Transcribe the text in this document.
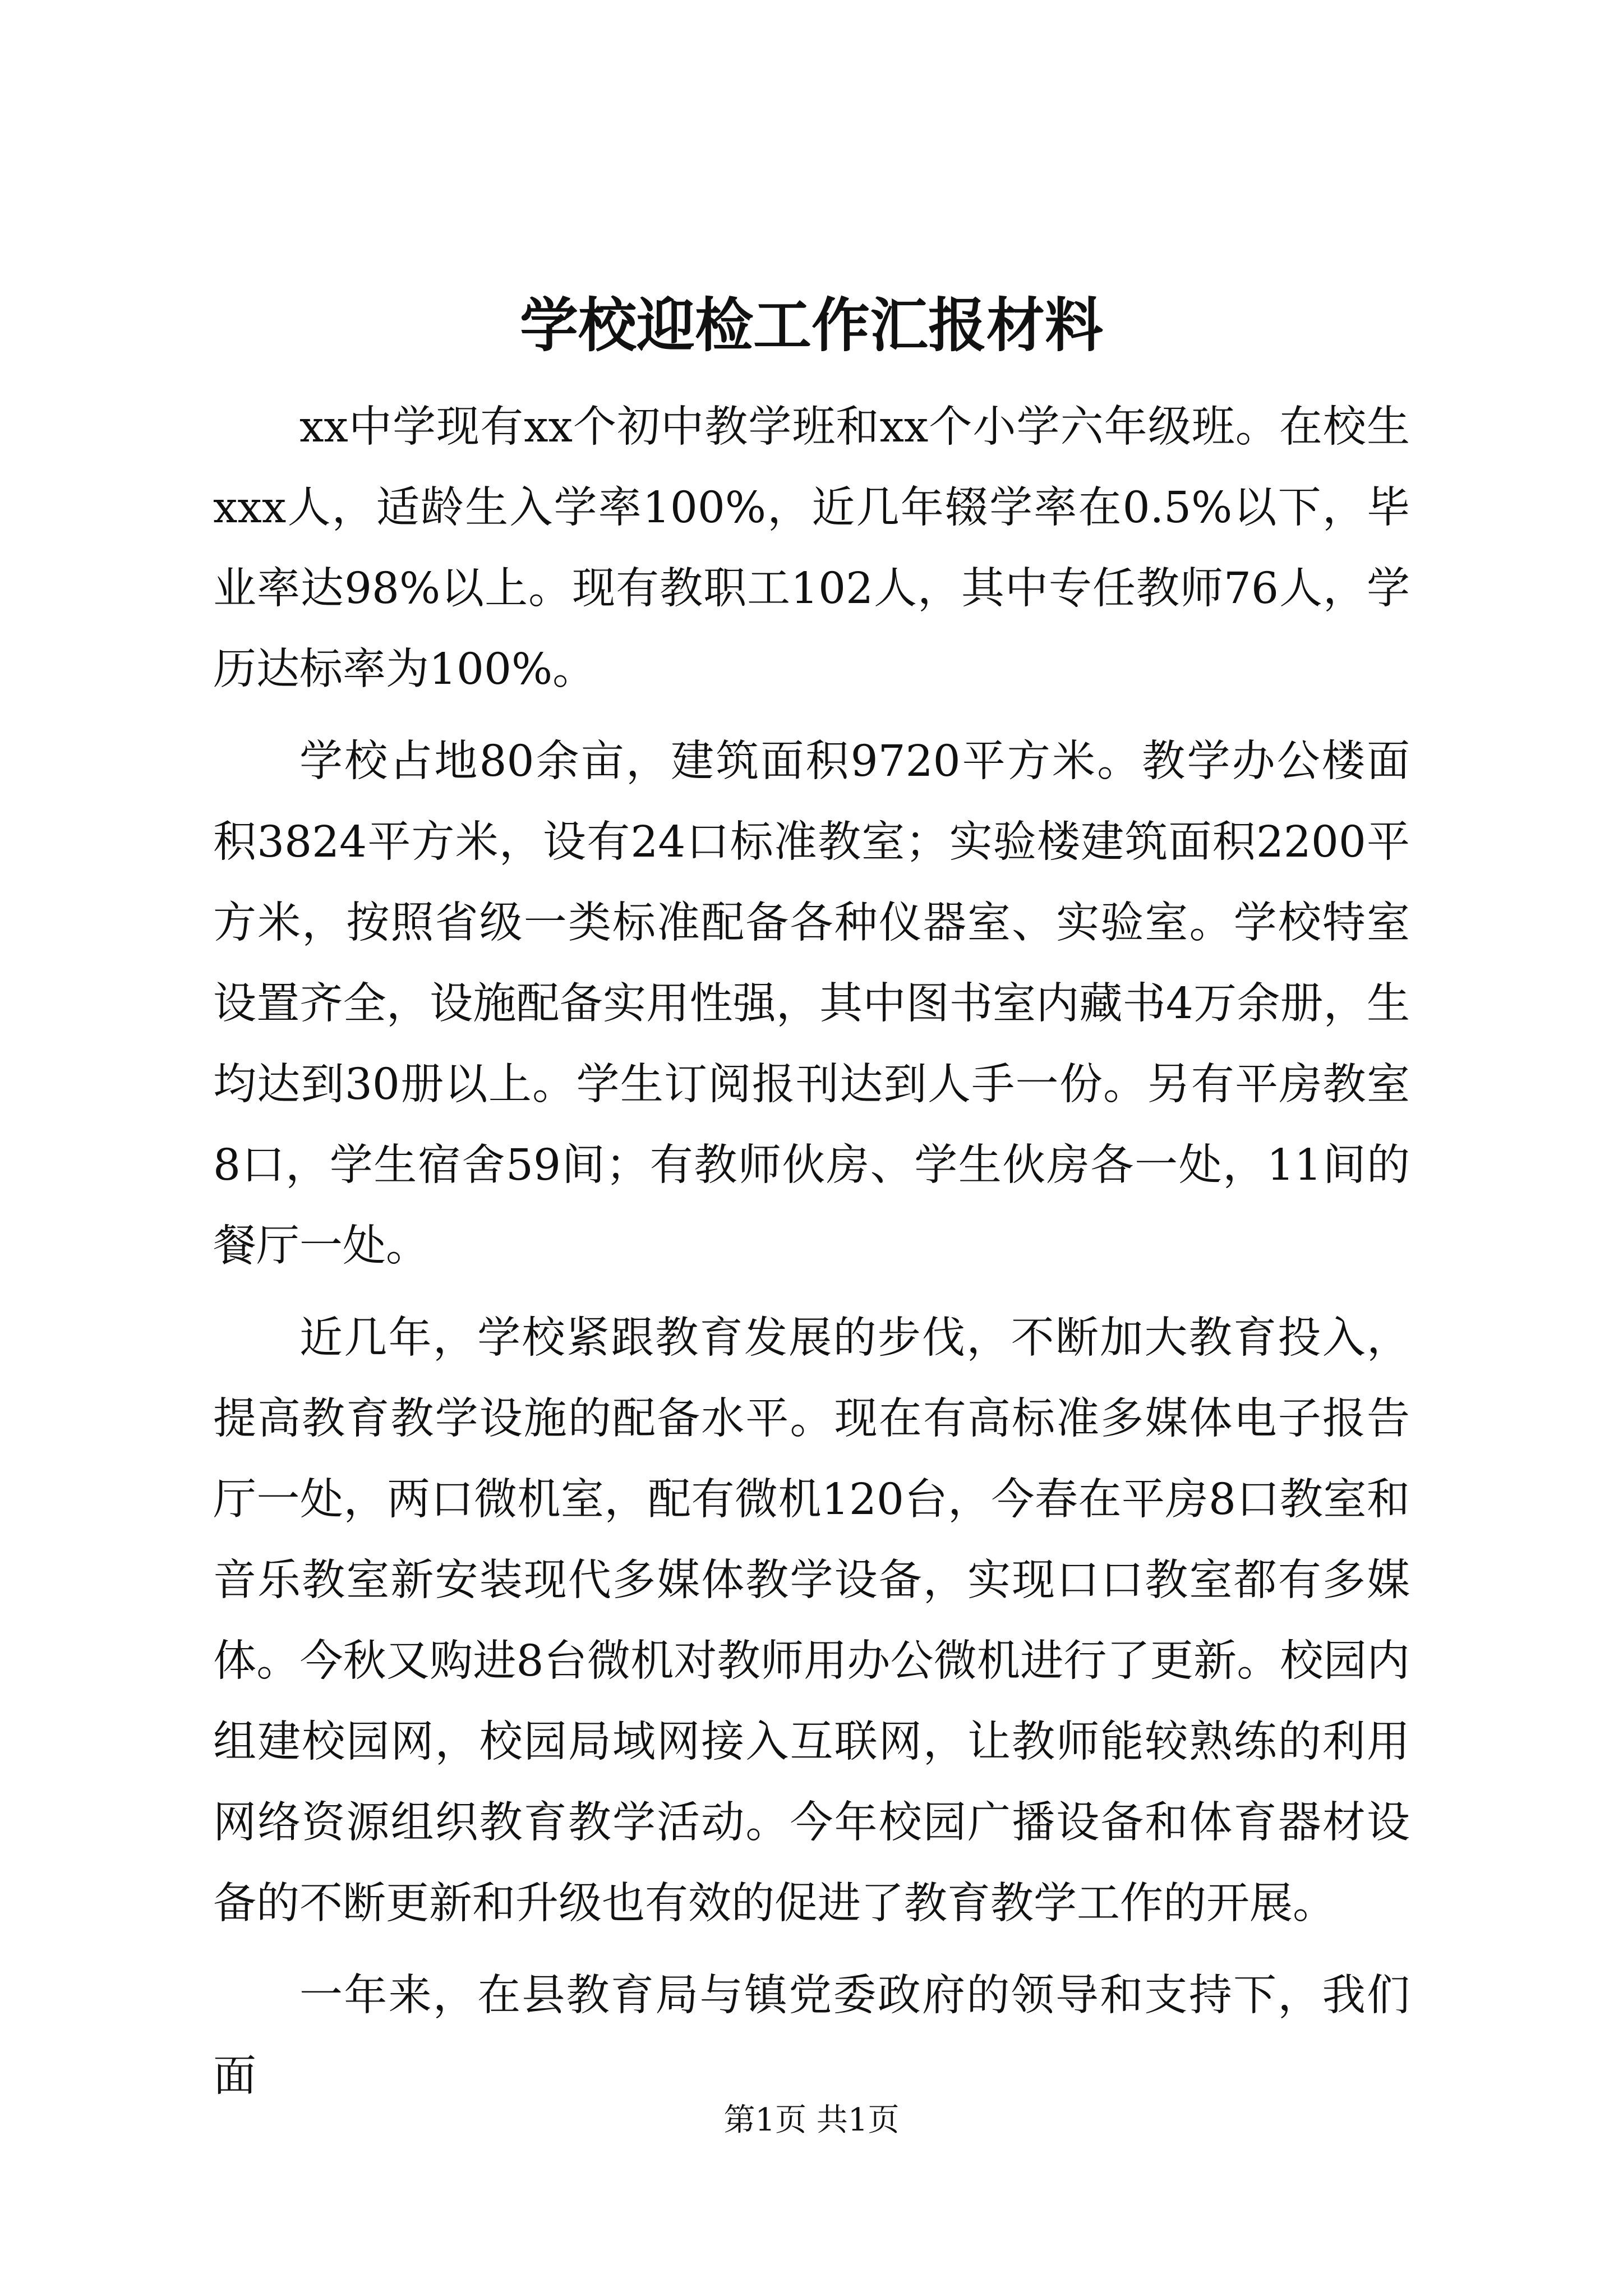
学校迎检工作汇报材料

xx中学现有xx个初中教学班和xx个小学六年级班。在校生xxx人，适龄生入学率100%，近几年辍学率在0.5%以下，毕业率达98%以上。现有教职工102人，其中专任教师76人，学历达标率为100%。

学校占地80余亩，建筑面积9720平方米。教学办公楼面积3824平方米，设有24口标准教室；实验楼建筑面积2200平方米，按照省级一类标准配备各种仪器室、实验室。学校特室设置齐全，设施配备实用性强，其中图书室内藏书4万余册，生均达到30册以上。学生订阅报刊达到人手一份。另有平房教室8口，学生宿舍59间；有教师伙房、学生伙房各一处，11间的餐厅一处。

近几年，学校紧跟教育发展的步伐，不断加大教育投入，提高教育教学设施的配备水平。现在有高标准多媒体电子报告厅一处，两口微机室，配有微机120台，今春在平房8口教室和音乐教室新安装现代多媒体教学设备，实现口口教室都有多媒体。今秋又购进8台微机对教师用办公微机进行了更新。校园内组建校园网，校园局域网接入互联网，让教师能较熟练的利用网络资源组织教育教学活动。今年校园广播设备和体育器材设备的不断更新和升级也有效的促进了教育教学工作的开展。

一年来，在县教育局与镇党委政府的领导和支持下，我们面

第1页 共1页
